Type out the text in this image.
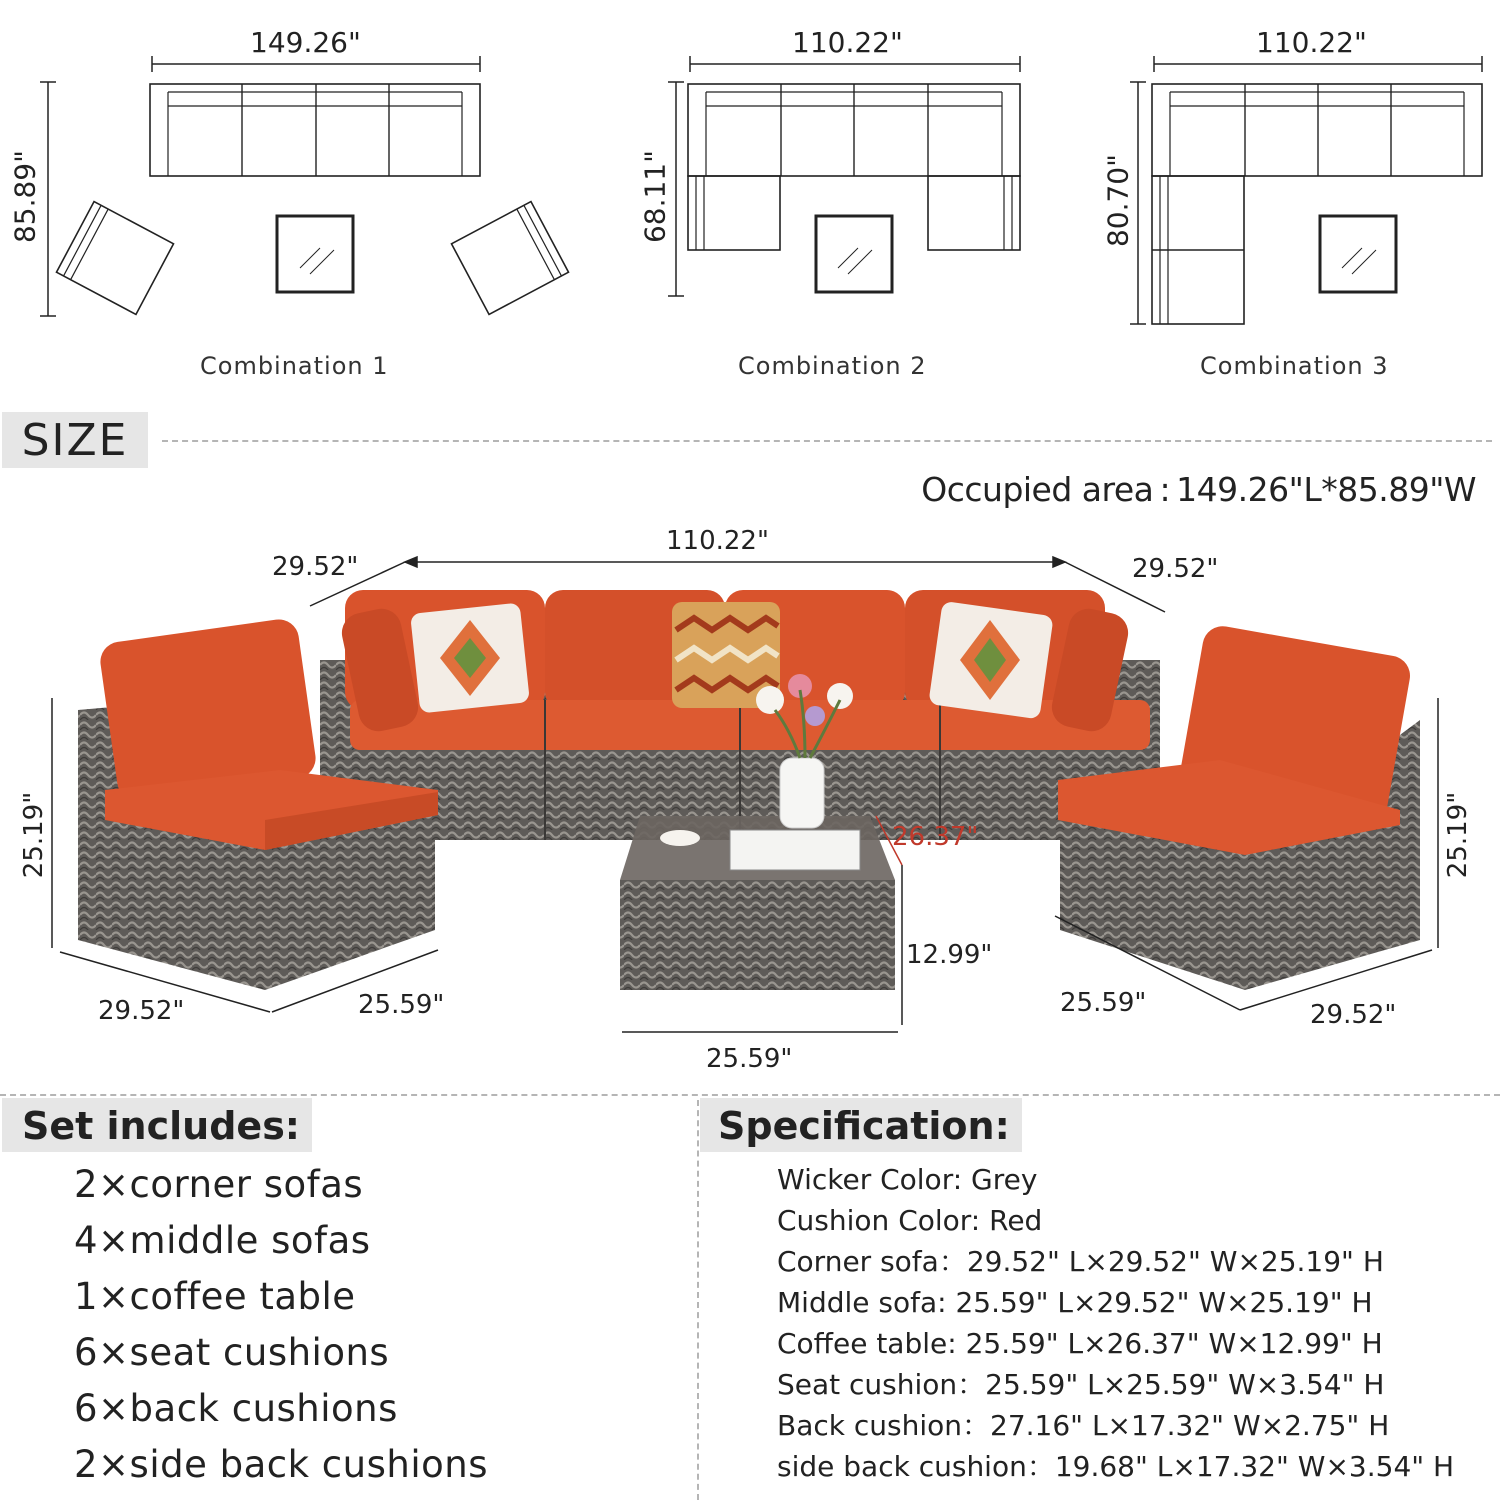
149.26"
85.89"
Combination 1
110.22"
68.11"
Combination 2
110.22"
80.70"
Combination 3
SIZE
Occupied area : 149.26"L*85.89"W
110.22"
29.52"	29.52"
25.19"	25.19"
29.52"	25.59"	25.59"	29.52"
25.59"
12.99"
26.37"
Set includes:
2×corner sofas
4×middle sofas
1×coffee table
6×seat cushions
6×back cushions
2×side back cushions
Specification:
Wicker Color: Grey
Cushion Color: Red
Corner sofa：29.52" L×29.52" W×25.19" H
Middle sofa: 25.59" L×29.52" W×25.19" H
Coffee table: 25.59" L×26.37" W×12.99" H
Seat cushion：25.59" L×25.59" W×3.54" H
Back cushion：27.16" L×17.32" W×2.75" H
side back cushion：19.68" L×17.32" W×3.54" H
